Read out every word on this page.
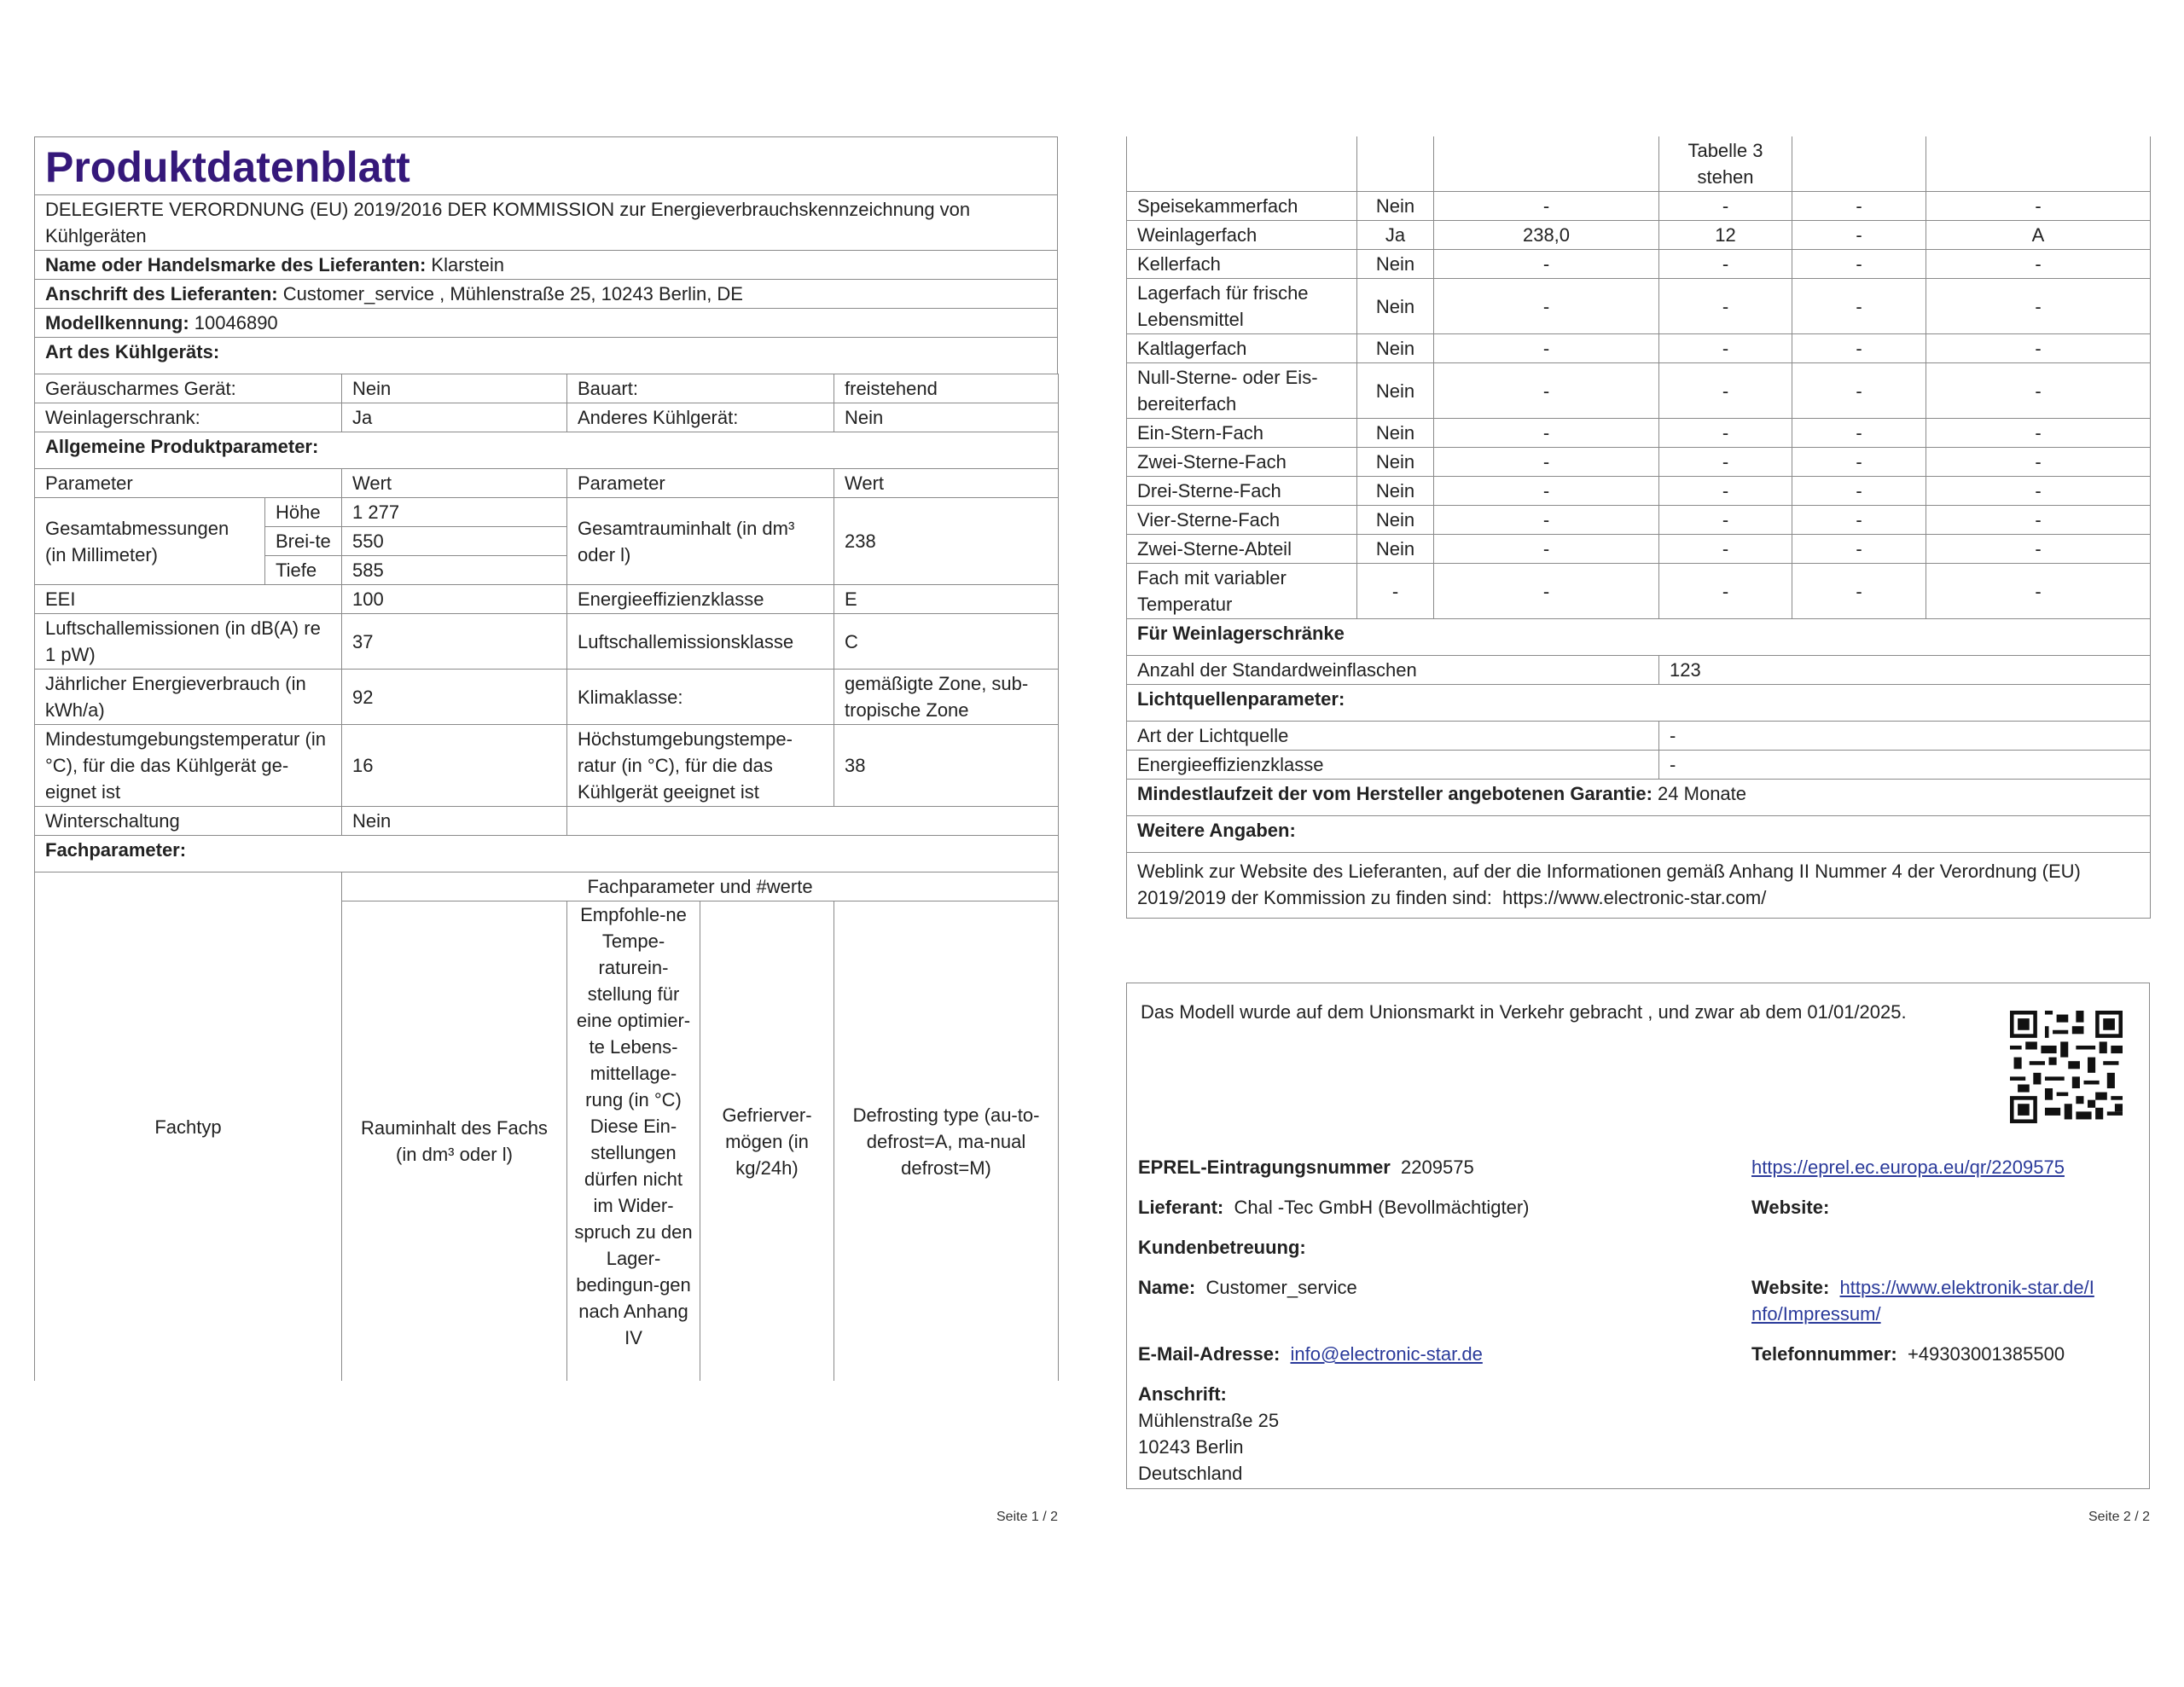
Produktdatenblatt
DELEGIERTE VERORDNUNG (EU) 2019/2016 DER KOMMISSION zur Energieverbrauchskennzeichnung von Kühlgeräten
Name oder Handelsmarke des Lieferanten: Klarstein
Anschrift des Lieferanten: Customer_service , Mühlenstraße 25, 10243 Berlin, DE
Modellkennung: 10046890
Art des Kühlgeräts:
Geräuscharmes Gerät:		Nein	Bauart:	freistehend
Weinlagerschrank:		Ja	Anderes Kühlgerät:	Nein
Allgemeine Produktparameter:				
Parameter		Wert	Parameter	Wert
Gesamtabmessungen (in Millimeter)	Höhe	1 277	Gesamtrauminhalt (in dm³ oder l)	238
	Brei-te	550		
	Tiefe	585		
EEI		100	Energieeffizienzklasse	E
Luftschallemissionen (in dB(A) re 1 pW)		37	Luftschallemissionsklasse	C
Jährlicher Energieverbrauch (in kWh/a)		92	Klimaklasse:	gemäßigte Zone, sub-tropische Zone
Mindestumgebungstemperatur (in °C), für die das Kühlgerät ge-eignet ist		16	Höchstumgebungstempe-ratur (in °C), für die das Kühlgerät geeignet ist	38
Winterschaltung		Nein		
Fachparameter:				
Fachtyp	Fachparameter und #werte			
	Rauminhalt des Fachs (in dm³ oder l)	Empfohle-ne Tempe-raturein-stellung für eine optimier-te Lebens-mittellage-rung (in °C) Diese Ein-stellungen dürfen nicht im Wider-spruch zu den Lager-bedingun-gen nach Anhang IV	Gefrierver-mögen (in kg/24h)	Defrosting type (au-to-defrost=A, ma-nual defrost=M)
			Tabelle 3 stehen		
Speisekammerfach	Nein	-	-	-	-
Weinlagerfach	Ja	238,0	12	-	A
Kellerfach	Nein	-	-	-	-
Lagerfach für frische Lebensmittel	Nein	-	-	-	-
Kaltlagerfach	Nein	-	-	-	-
Null-Sterne- oder Eis-bereiterfach	Nein	-	-	-	-
Ein-Stern-Fach	Nein	-	-	-	-
Zwei-Sterne-Fach	Nein	-	-	-	-
Drei-Sterne-Fach	Nein	-	-	-	-
Vier-Sterne-Fach	Nein	-	-	-	-
Zwei-Sterne-Abteil	Nein	-	-	-	-
Fach mit variabler Temperatur	-	-	-	-	-
Für Weinlagerschränke	
Anzahl der Standardweinflaschen	123
Lichtquellenparameter:	
Art der Lichtquelle	-
Energieeffizienzklasse	-
Mindestlaufzeit der vom Hersteller angebotenen Garantie: 24 Monate	
Weitere Angaben:	
Weblink zur Website des Lieferanten, auf der die Informationen gemäß Anhang II Nummer 4 der Verordnung (EU) 2019/2019 der Kommission zu finden sind: https://www.electronic-star.com/	
Das Modell wurde auf dem Unionsmarkt in Verkehr gebracht , und zwar ab dem 01/01/2025.
EPREL-Eintragungsnummer 2209575	https://eprel.ec.europa.eu/qr/2209575
Lieferant: Chal -Tec GmbH (Bevollmächtigter)	Website:
Kundenbetreuung:
Name: Customer_service	Website: https://www.elektronik-star.de/I
nfo/Impressum/
E-Mail-Adresse: info@electronic-star.de	Telefonnummer: +49303001385500
Anschrift:
Mühlenstraße 25
10243 Berlin
Deutschland
Seite 1 / 2	Seite 2 / 2
